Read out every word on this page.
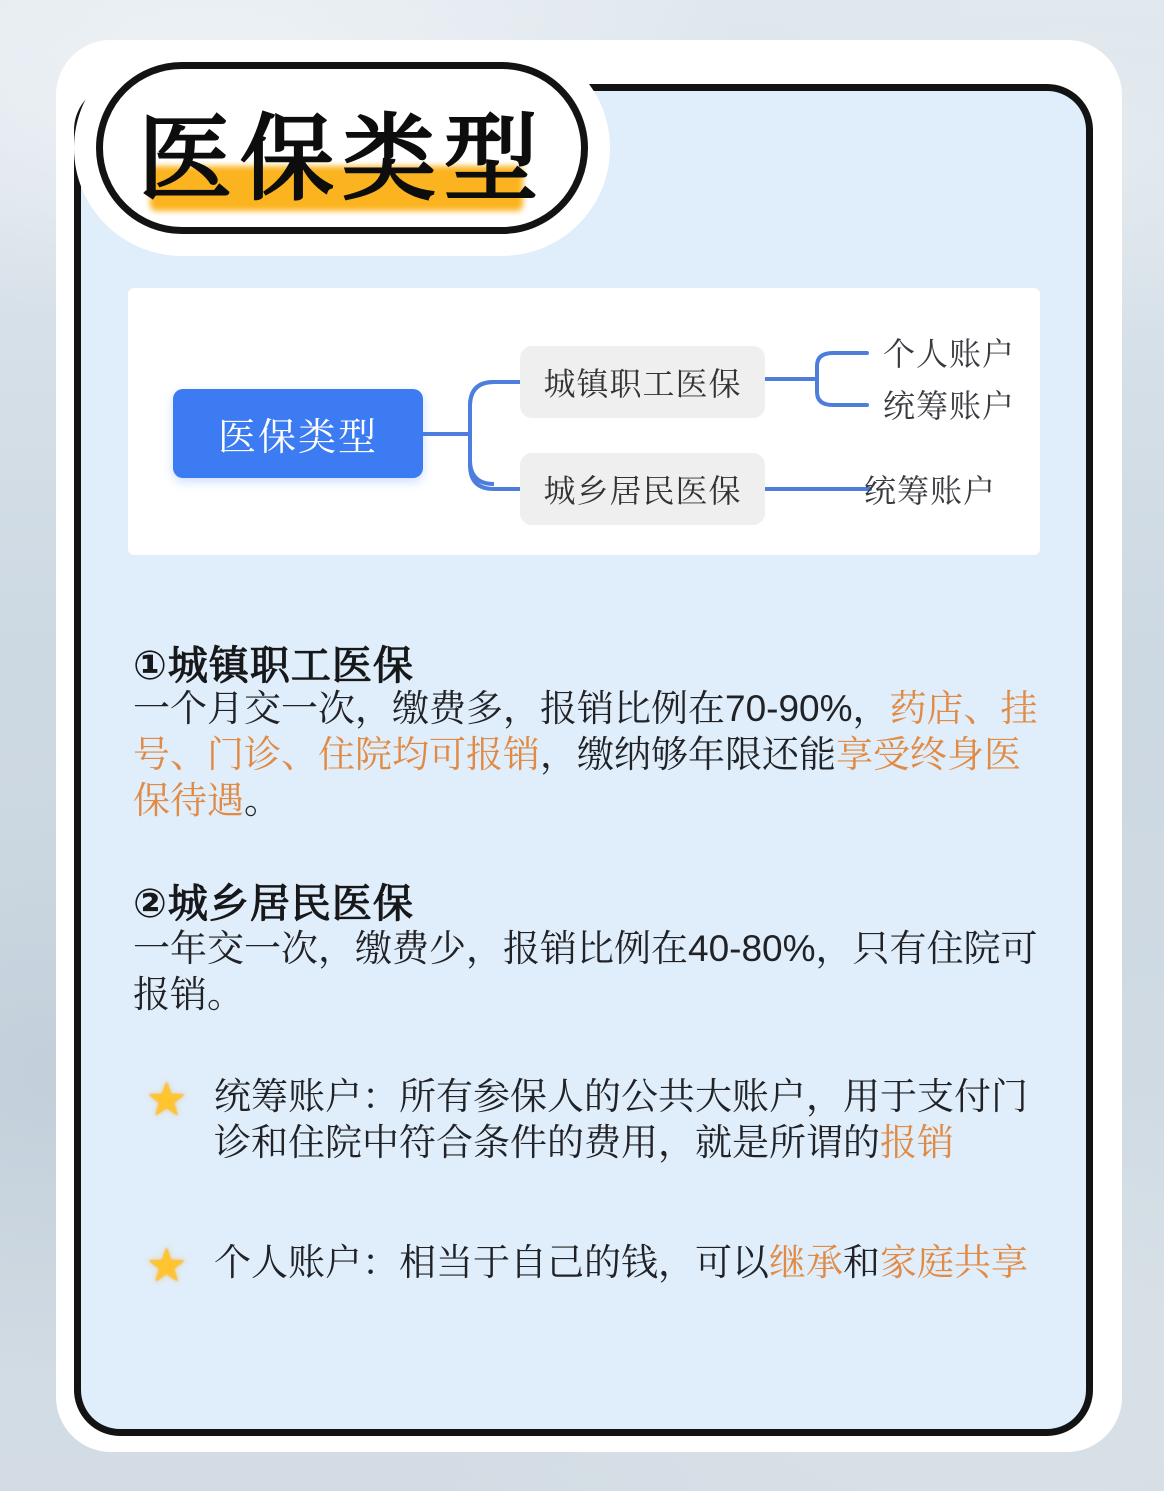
医保类型
医保类型
城镇职工医保
城乡居民医保
个人账户
统筹账户
统筹账户
①城镇职工医保

一个月交一次，缴费多，报销比例在70-90%，药店、挂
号、门诊、住院均可报销，缴纳够年限还能享受终身医
保待遇。

②城乡居民医保

一年交一次，缴费少，报销比例在40-80%，只有住院可
报销。

★ 统筹账户：所有参保人的公共大账户，用于支付门
诊和住院中符合条件的费用，就是所谓的报销

★ 个人账户：相当于自己的钱，可以继承和家庭共享
